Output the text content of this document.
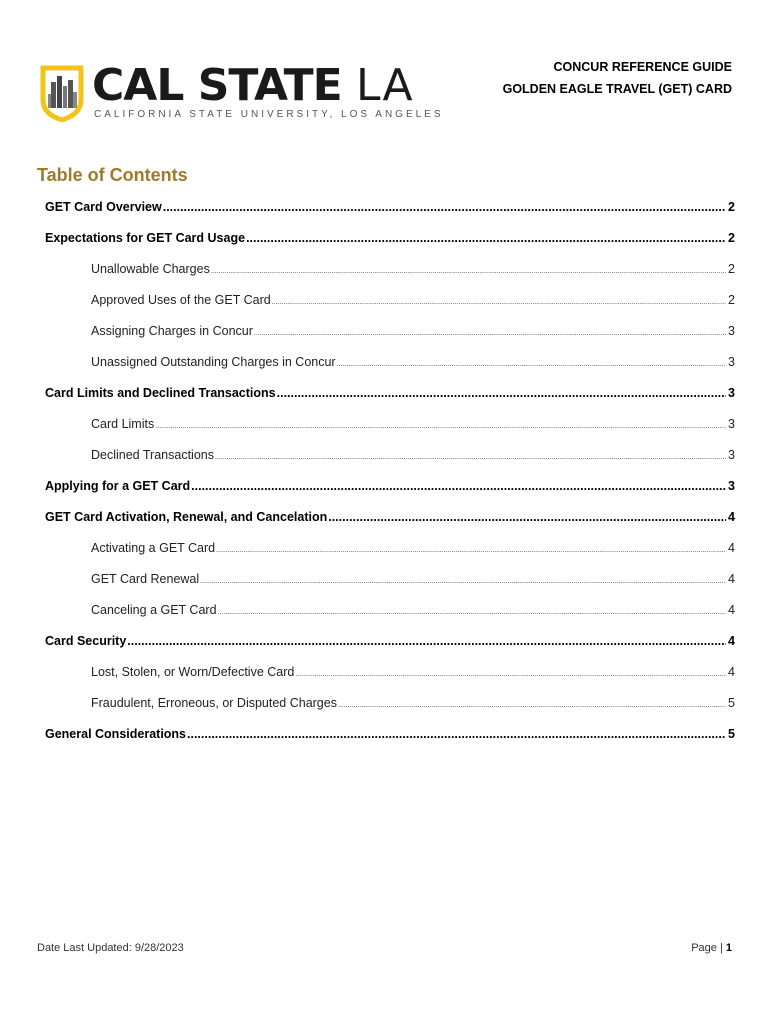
CAL STATE LA
CALIFORNIA STATE UNIVERSITY, LOS ANGELES
CONCUR REFERENCE GUIDE
GOLDEN EAGLE TRAVEL (GET) CARD
Table of Contents
GET Card Overview .....	2
Expectations for GET Card Usage .....	2
Unallowable Charges .....	2
Approved Uses of the GET Card .....	2
Assigning Charges in Concur .....	3
Unassigned Outstanding Charges in Concur .....	3
Card Limits and Declined Transactions .....	3
Card Limits .....	3
Declined Transactions .....	3
Applying for a GET Card .....	3
GET Card Activation, Renewal, and Cancelation .....	4
Activating a GET Card .....	4
GET Card Renewal .....	4
Canceling a GET Card .....	4
Card Security .....	4
Lost, Stolen, or Worn/Defective Card .....	4
Fraudulent, Erroneous, or Disputed Charges .....	5
General Considerations .....	5
Date Last Updated: 9/28/2023	Page | 1
